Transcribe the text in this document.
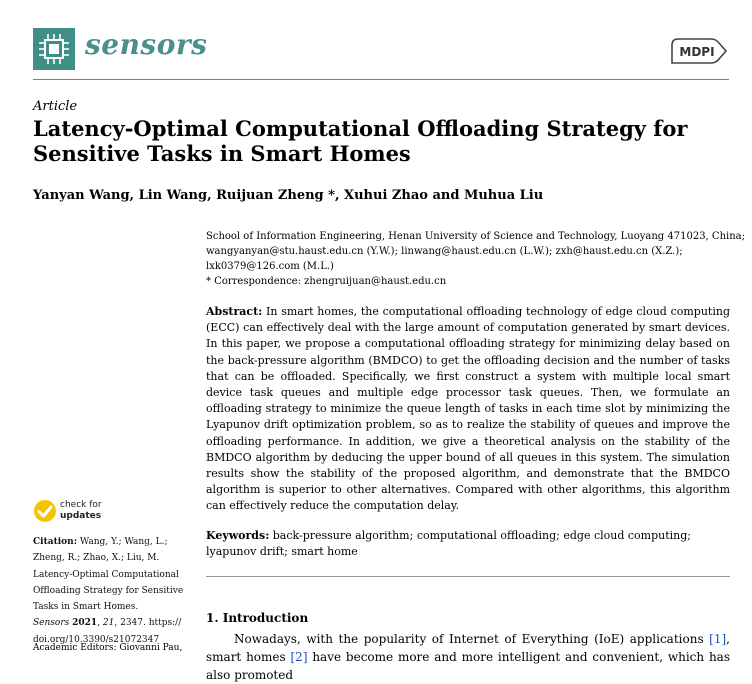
sensors	MDPI
Article
Latency-Optimal Computational Offloading Strategy for Sensitive Tasks in Smart Homes
Yanyan Wang, Lin Wang, Ruijuan Zheng *, Xuhui Zhao and Muhua Liu
School of Information Engineering, Henan University of Science and Technology, Luoyang 471023, China;
wangyanyan@stu.haust.edu.cn (Y.W.); linwang@haust.edu.cn (L.W.); zxh@haust.edu.cn (X.Z.);
lxk0379@126.com (M.L.)
* Correspondence: zhengruijuan@haust.edu.cn
Abstract: In smart homes, the computational offloading technology of edge cloud computing (ECC) can effectively deal with the large amount of computation generated by smart devices. In this paper, we propose a computational offloading strategy for minimizing delay based on the back-pressure algorithm (BMDCO) to get the offloading decision and the number of tasks that can be offloaded. Specifically, we first construct a system with multiple local smart device task queues and multiple edge processor task queues. Then, we formulate an offloading strategy to minimize the queue length of tasks in each time slot by minimizing the Lyapunov drift optimization problem, so as to realize the stability of queues and improve the offloading performance. In addition, we give a theoretical analysis on the stability of the BMDCO algorithm by deducing the upper bound of all queues in this system. The simulation results show the stability of the proposed algorithm, and demonstrate that the BMDCO algorithm is superior to other alternatives. Compared with other algorithms, this algorithm can effectively reduce the computation delay.
Keywords: back-pressure algorithm; computational offloading; edge cloud computing; lyapunov drift; smart home
check for
updates
Citation: Wang, Y.; Wang, L.; Zheng, R.; Zhao, X.; Liu, M. Latency-Optimal Computational Offloading Strategy for Sensitive Tasks in Smart Homes.
Sensors 2021, 21, 2347. https://
doi.org/10.3390/s21072347
Academic Editors: Giovanni Pau,
1. Introduction
Nowadays, with the popularity of Internet of Everything (IoE) applications [1], smart homes [2] have become more and more intelligent and convenient, which has also promoted
